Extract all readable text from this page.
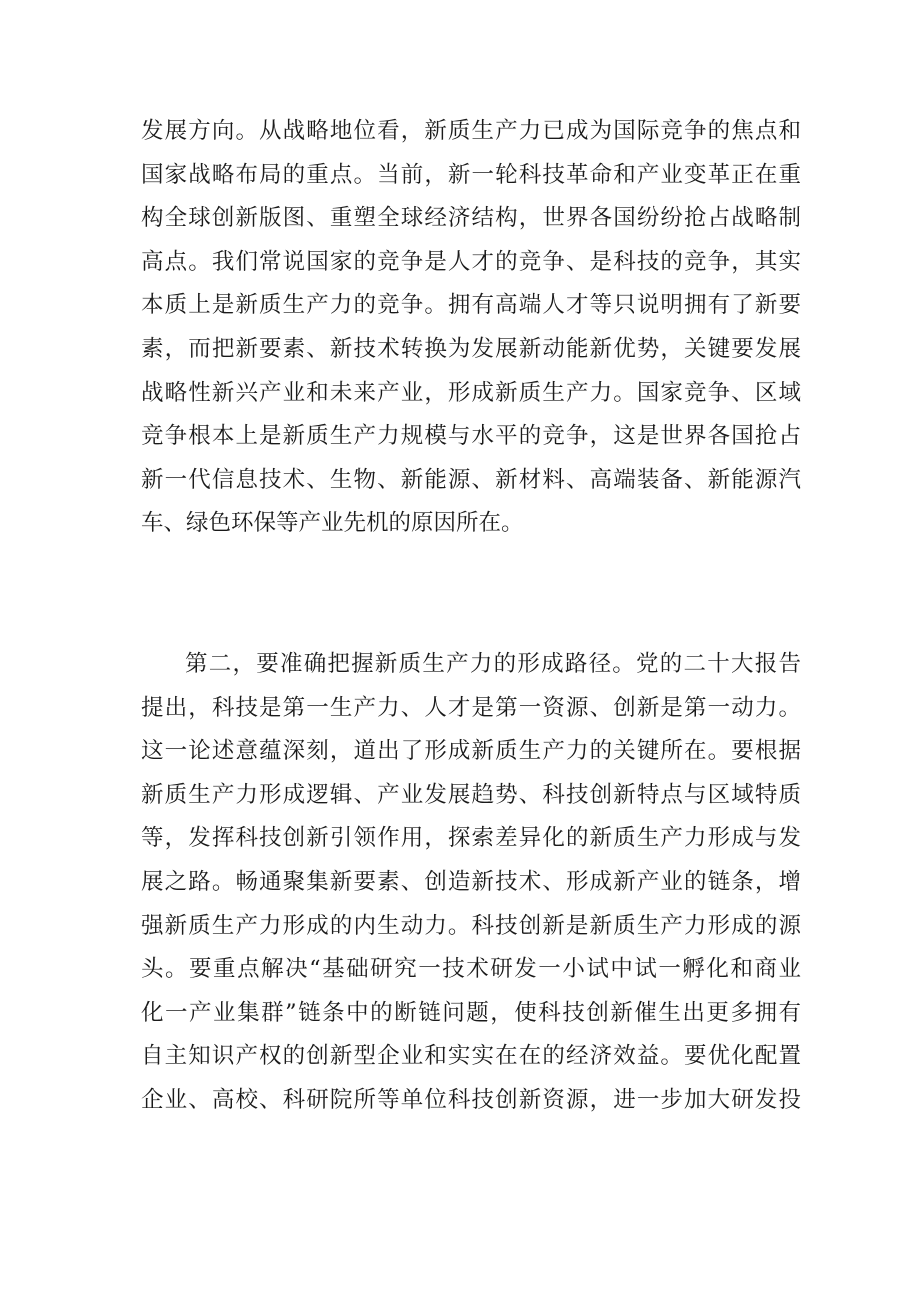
发展方向。从战略地位看，新质生产力已成为国际竞争的焦点和
国家战略布局的重点。当前，新一轮科技革命和产业变革正在重
构全球创新版图、重塑全球经济结构，世界各国纷纷抢占战略制
高点。我们常说国家的竞争是人才的竞争、是科技的竞争，其实
本质上是新质生产力的竞争。拥有高端人才等只说明拥有了新要
素，而把新要素、新技术转换为发展新动能新优势，关键要发展
战略性新兴产业和未来产业，形成新质生产力。国家竞争、区域
竞争根本上是新质生产力规模与水平的竞争，这是世界各国抢占
新一代信息技术、生物、新能源、新材料、高端装备、新能源汽
车、绿色环保等产业先机的原因所在。
第二，要准确把握新质生产力的形成路径。党的二十大报告
提出，科技是第一生产力、人才是第一资源、创新是第一动力。
这一论述意蕴深刻，道出了形成新质生产力的关键所在。要根据
新质生产力形成逻辑、产业发展趋势、科技创新特点与区域特质
等，发挥科技创新引领作用，探索差异化的新质生产力形成与发
展之路。畅通聚集新要素、创造新技术、形成新产业的链条，增
强新质生产力形成的内生动力。科技创新是新质生产力形成的源
头。要重点解决“基础研究一技术研发一小试中试一孵化和商业
化一产业集群”链条中的断链问题，使科技创新催生出更多拥有
自主知识产权的创新型企业和实实在在的经济效益。要优化配置
企业、高校、科研院所等单位科技创新资源，进一步加大研发投
